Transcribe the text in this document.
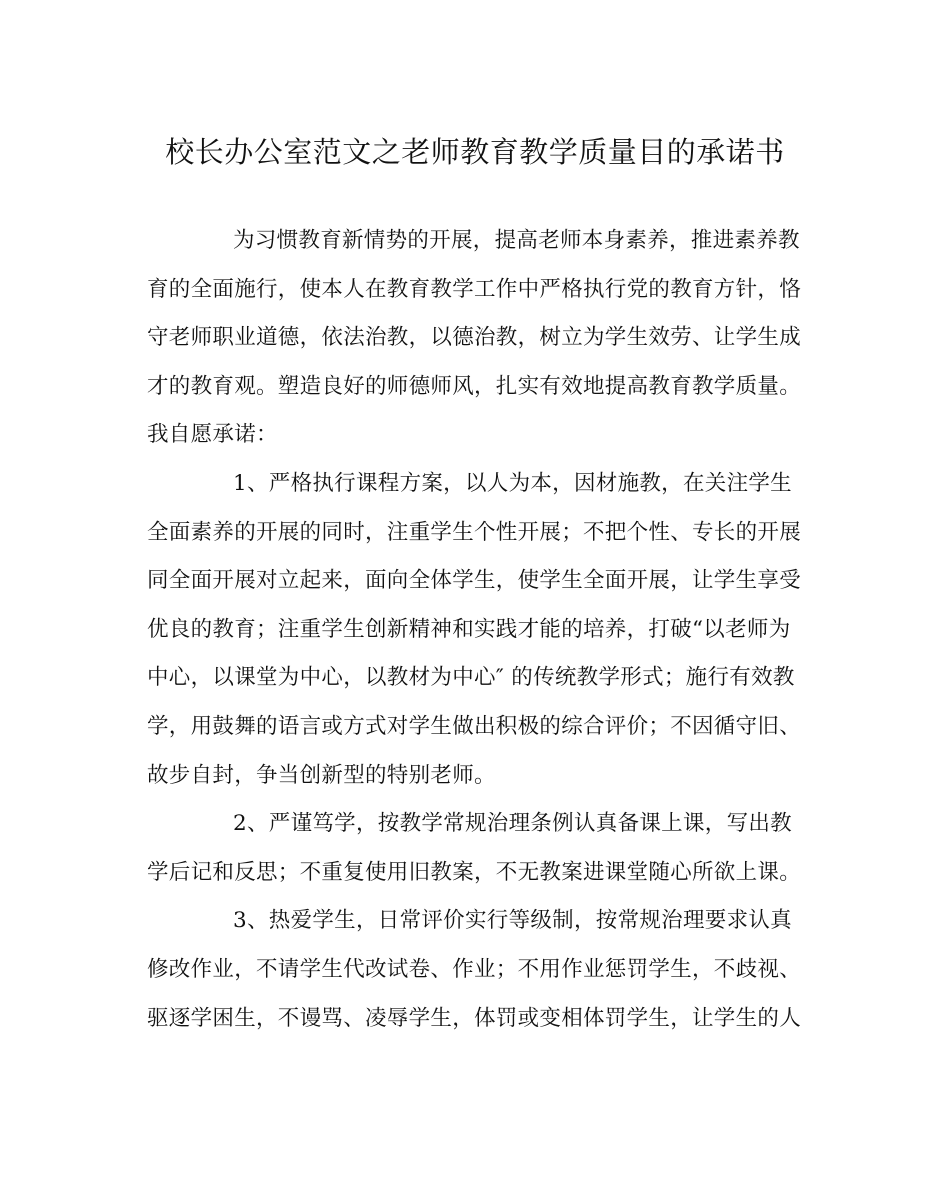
校长办公室范文之老师教育教学质量目的承诺书
为习惯教育新情势的开展，提高老师本身素养，推进素养教
育的全面施行，使本人在教育教学工作中严格执行党的教育方针，恪
守老师职业道德，依法治教，以德治教，树立为学生效劳、让学生成
才的教育观。塑造良好的师德师风，扎实有效地提高教育教学质量。
我自愿承诺：
1、严格执行课程方案，以人为本，因材施教，在关注学生
全面素养的开展的同时，注重学生个性开展；不把个性、专长的开展
同全面开展对立起来，面向全体学生，使学生全面开展，让学生享受
优良的教育；注重学生创新精神和实践才能的培养，打破“以老师为
中心，以课堂为中心，以教材为中心″ 的传统教学形式；施行有效教
学，用鼓舞的语言或方式对学生做出积极的综合评价；不因循守旧、
故步自封，争当创新型的特别老师。
2、严谨笃学，按教学常规治理条例认真备课上课，写出教
学后记和反思；不重复使用旧教案，不无教案进课堂随心所欲上课。
3、热爱学生，日常评价实行等级制，按常规治理要求认真
修改作业，不请学生代改试卷、作业；不用作业惩罚学生，不歧视、
驱逐学困生，不谩骂、凌辱学生，体罚或变相体罚学生，让学生的人
